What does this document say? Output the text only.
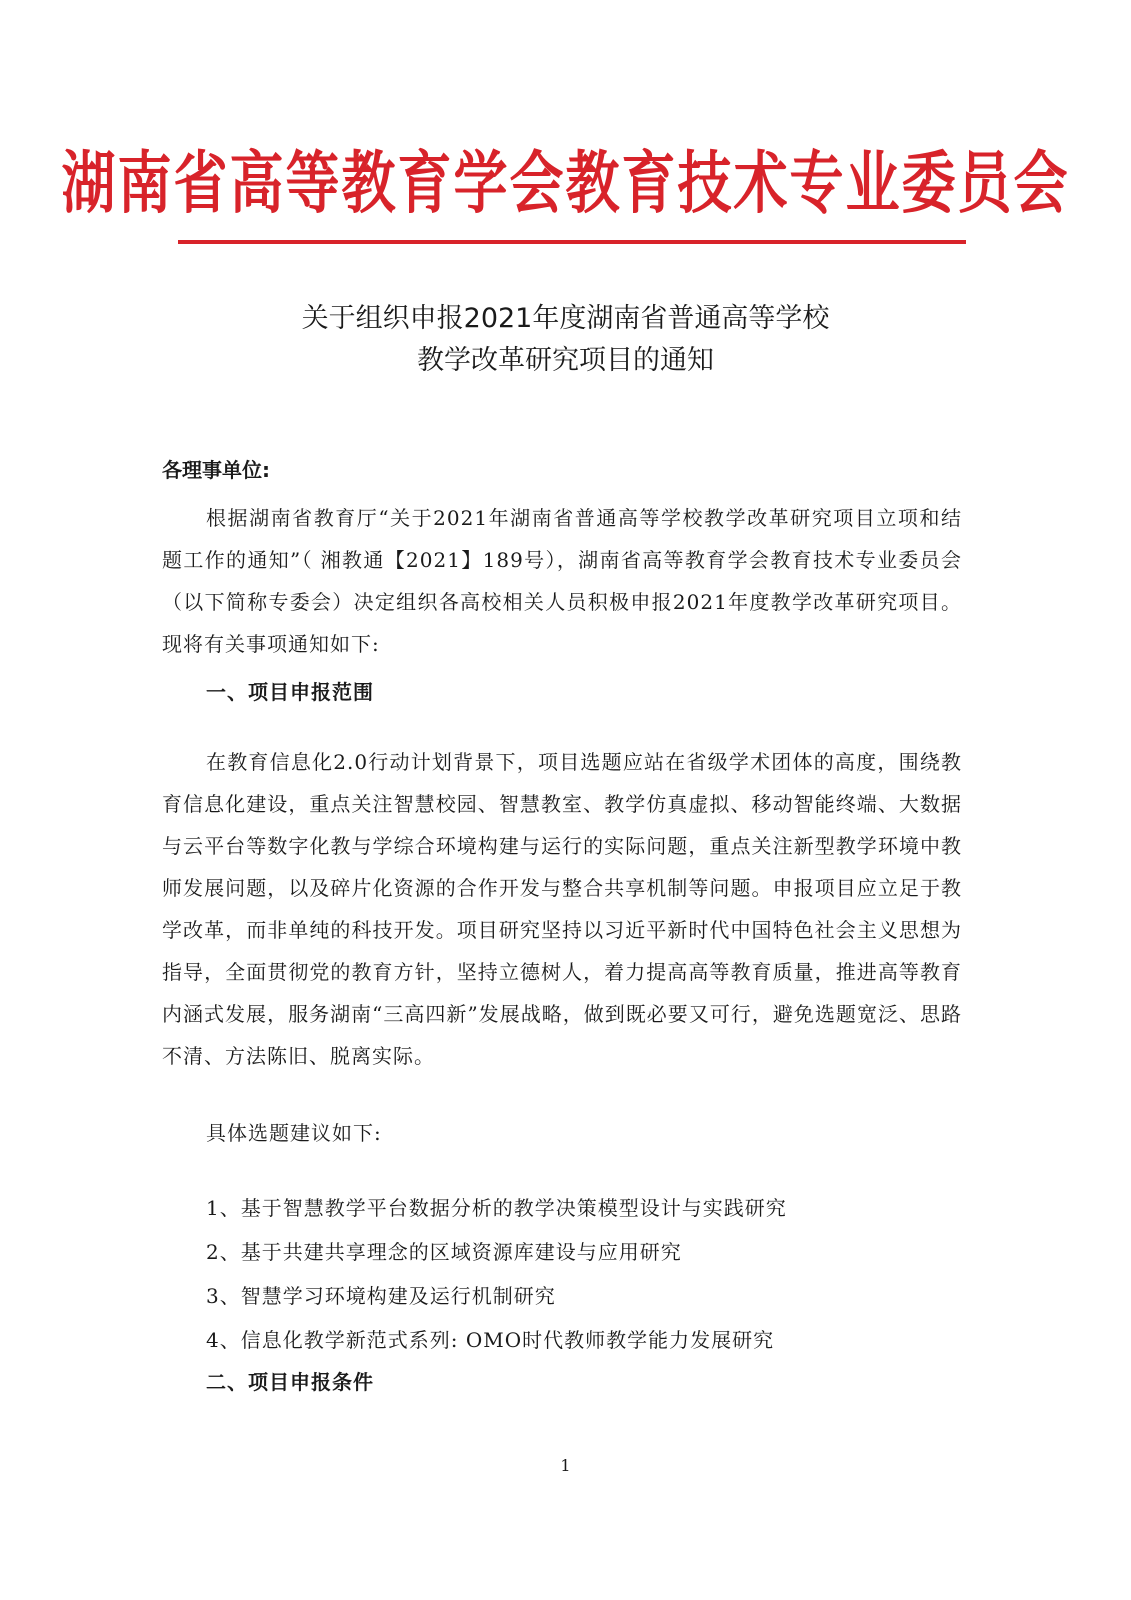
湖南省高等教育学会教育技术专业委员会
关于组织申报2021年度湖南省普通高等学校
教学改革研究项目的通知
各理事单位:

根据湖南省教育厅“关于2021年湖南省普通高等学校教学改革研究项目立项和结题工作的通知”（ 湘教通【2021】189号），湖南省高等教育学会教育技术专业委员会（以下简称专委会）决定组织各高校相关人员积极申报2021年度教学改革研究项目。现将有关事项通知如下:

一、项目申报范围

在教育信息化2.0行动计划背景下，项目选题应站在省级学术团体的高度，围绕教育信息化建设，重点关注智慧校园、智慧教室、教学仿真虚拟、移动智能终端、大数据与云平台等数字化教与学综合环境构建与运行的实际问题，重点关注新型教学环境中教师发展问题，以及碎片化资源的合作开发与整合共享机制等问题。申报项目应立足于教学改革，而非单纯的科技开发。项目研究坚持以习近平新时代中国特色社会主义思想为指导，全面贯彻党的教育方针，坚持立德树人，着力提高高等教育质量，推进高等教育内涵式发展，服务湖南“三高四新”发展战略，做到既必要又可行，避免选题宽泛、思路不清、方法陈旧、脱离实际。

具体选题建议如下:
1、基于智慧教学平台数据分析的教学决策模型设计与实践研究
2、基于共建共享理念的区域资源库建设与应用研究
3、智慧学习环境构建及运行机制研究
4、信息化教学新范式系列: OMO时代教师教学能力发展研究
二、项目申报条件
1
